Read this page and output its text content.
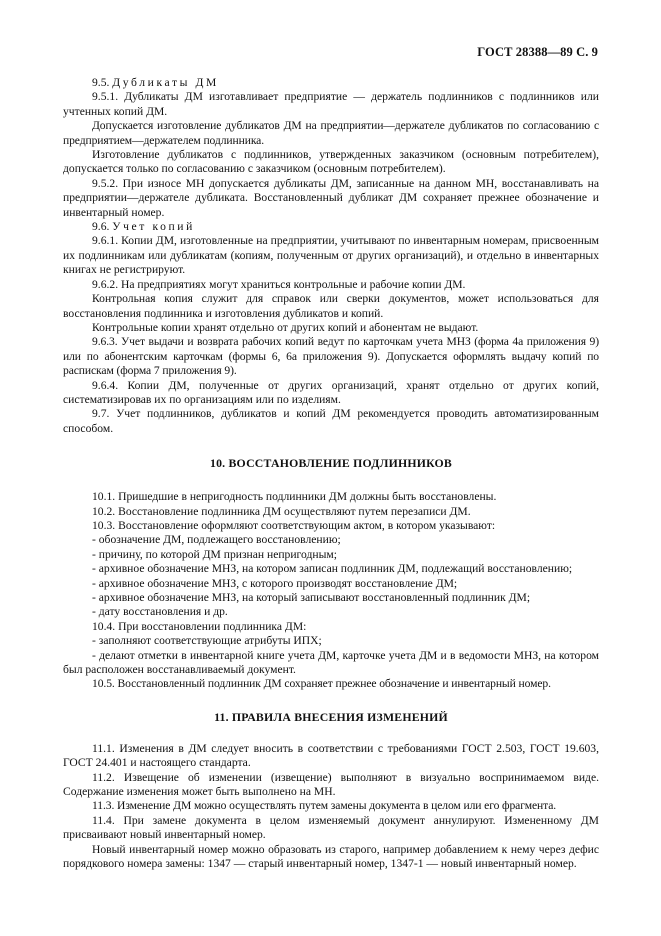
ГОСТ 28388—89 С. 9

9.5. Дубликаты ДМ

9.5.1. Дубликаты ДМ изготавливает предприятие — держатель подлинников с подлинников или учтенных копий ДМ.

Допускается изготовление дубликатов ДМ на предприятии—держателе дубликатов по согласованию с предприятием—держателем подлинника.

Изготовление дубликатов с подлинников, утвержденных заказчиком (основным потребителем), допускается только по согласованию с заказчиком (основным потребителем).

9.5.2. При износе МН допускается дубликаты ДМ, записанные на данном МН, восстанавливать на предприятии—держателе дубликата. Восстановленный дубликат ДМ сохраняет прежнее обозначение и инвентарный номер.

9.6. Учет копий

9.6.1. Копии ДМ, изготовленные на предприятии, учитывают по инвентарным номерам, присвоенным их подлинникам или дубликатам (копиям, полученным от других организаций), и отдельно в инвентарных книгах не регистрируют.

9.6.2. На предприятиях могут храниться контрольные и рабочие копии ДМ.

Контрольная копия служит для справок или сверки документов, может использоваться для восстановления подлинника и изготовления дубликатов и копий.

Контрольные копии хранят отдельно от других копий и абонентам не выдают.

9.6.3. Учет выдачи и возврата рабочих копий ведут по карточкам учета МНЗ (форма 4а приложения 9) или по абонентским карточкам (формы 6, 6а приложения 9). Допускается оформлять выдачу копий по распискам (форма 7 приложения 9).

9.6.4. Копии ДМ, полученные от других организаций, хранят отдельно от других копий, систематизировав их по организациям или по изделиям.

9.7. Учет подлинников, дубликатов и копий ДМ рекомендуется проводить автоматизированным способом.

10. ВОССТАНОВЛЕНИЕ ПОДЛИННИКОВ

10.1. Пришедшие в непригодность подлинники ДМ должны быть восстановлены.

10.2. Восстановление подлинника ДМ осуществляют путем перезаписи ДМ.

10.3. Восстановление оформляют соответствующим актом, в котором указывают:

- обозначение ДМ, подлежащего восстановлению;

- причину, по которой ДМ признан непригодным;

- архивное обозначение МНЗ, на котором записан подлинник ДМ, подлежащий восстановлению;

- архивное обозначение МНЗ, с которого производят восстановление ДМ;

- архивное обозначение МНЗ, на который записывают восстановленный подлинник ДМ;

- дату восстановления и др.

10.4. При восстановлении подлинника ДМ:

- заполняют соответствующие атрибуты ИПХ;

- делают отметки в инвентарной книге учета ДМ, карточке учета ДМ и в ведомости МНЗ, на котором был расположен восстанавливаемый документ.

10.5. Восстановленный подлинник ДМ сохраняет прежнее обозначение и инвентарный номер.

11. ПРАВИЛА ВНЕСЕНИЯ ИЗМЕНЕНИЙ

11.1. Изменения в ДМ следует вносить в соответствии с требованиями ГОСТ 2.503, ГОСТ 19.603, ГОСТ 24.401 и настоящего стандарта.

11.2. Извещение об изменении (извещение) выполняют в визуально воспринимаемом виде. Содержание изменения может быть выполнено на МН.

11.3. Изменение ДМ можно осуществлять путем замены документа в целом или его фрагмента.

11.4. При замене документа в целом изменяемый документ аннулируют. Измененному ДМ присваивают новый инвентарный номер.

Новый инвентарный номер можно образовать из старого, например добавлением к нему через дефис порядкового номера замены: 1347 — старый инвентарный номер, 1347-1 — новый инвентарный номер.
